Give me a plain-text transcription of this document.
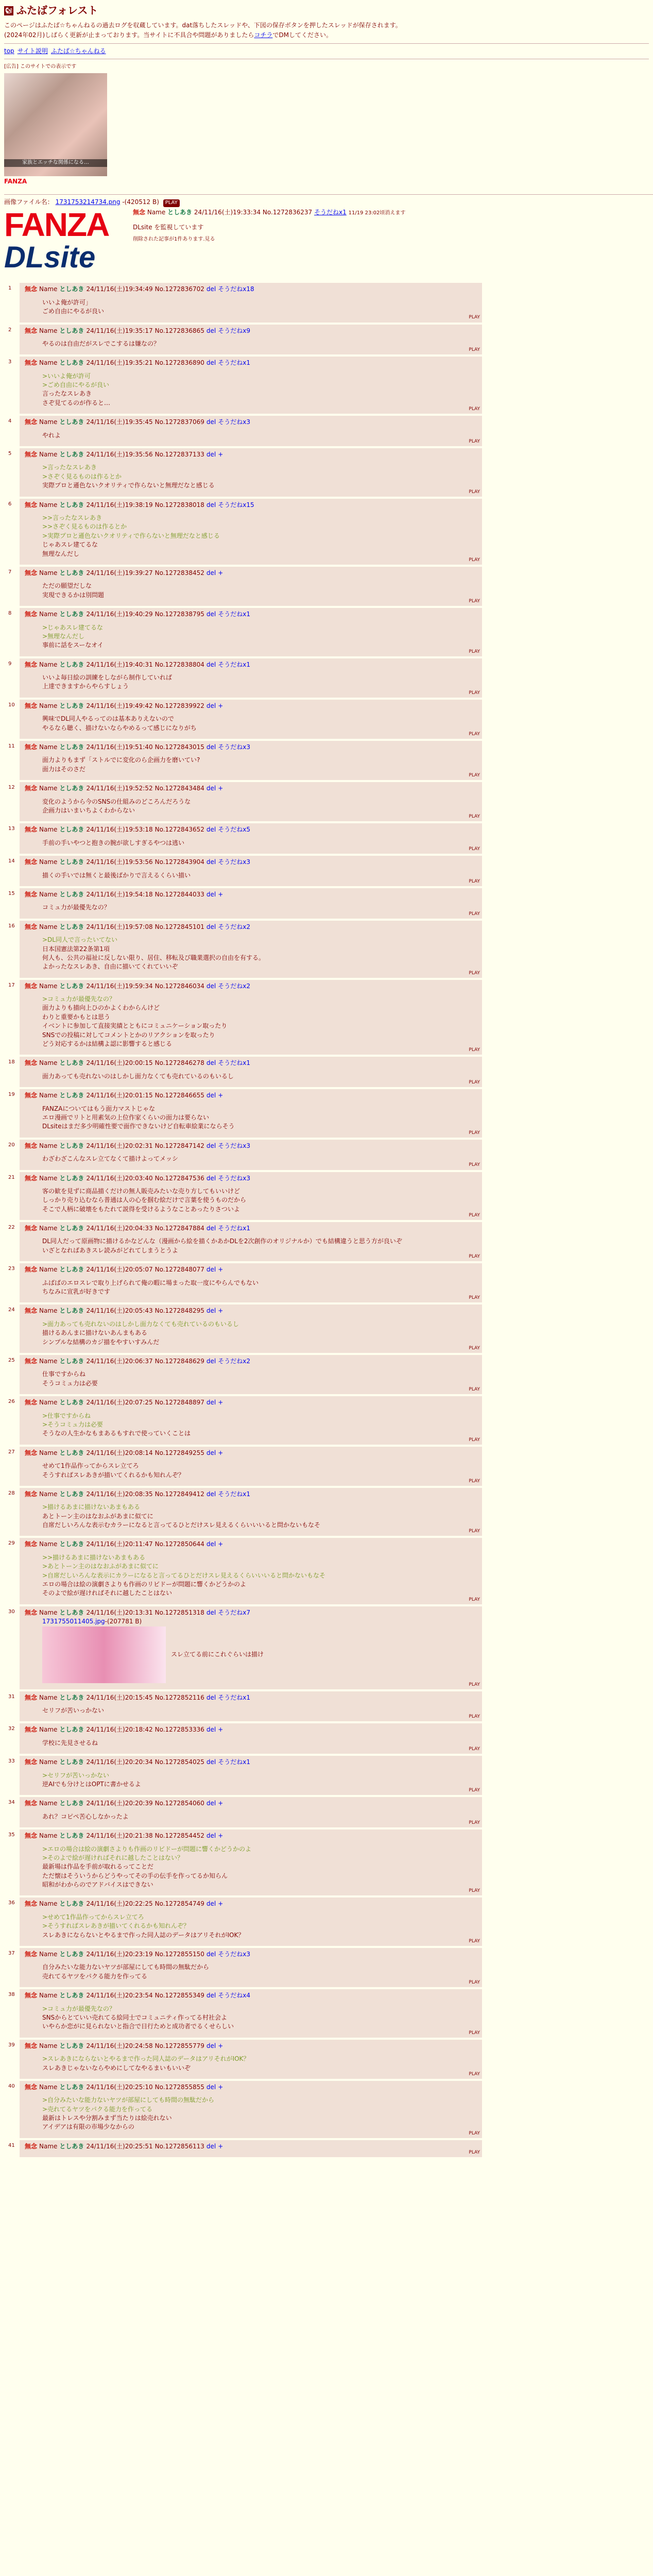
🐿 ふたばフォレスト

このページはふたば☆ちゃんねるの過去ログを収蔵しています。dat落ちしたスレッドや、下図の保存ボタンを押したスレッドが保存されます。

(2024年02月)しばらく更新が止まっております。当サイトに不具合や問題がありましたらコチラでDMしてください。

top サイト説明 ふたば☆ちゃんねる
[広告] このサイトでの表示です
家族とエッチな関係になる…
FANZA
画像ファイル名： 1731753214734.png -(420512 B) PLAY
FANZA
DLsite
無念 Name としあき 24/11/16(土)19:33:34 No.1272836237 そうだねx1 11/19 23:02頃消えます
DLsite を監視しています
削除された記事が1件あります.見る
1 無念 Name としあき 24/11/16(土)19:34:49 No.1272836702 del そうだねx18
いいよ俺が許可」
ごめ自由にやるが良い
PLAY
2 無念 Name としあき 24/11/16(土)19:35:17 No.1272836865 del そうだねx9
やるのは自由だがスレでこするは嫌なの？
PLAY
3 無念 Name としあき 24/11/16(土)19:35:21 No.1272836890 del そうだねx1
>いいよ俺が許可
>ごめ自由にやるが良い
言ったなスレあき
さぞ見てるのが作ると…
PLAY
4 無念 Name としあき 24/11/16(土)19:35:45 No.1272837069 del そうだねx3
やれよ
PLAY
5 無念 Name としあき 24/11/16(土)19:35:56 No.1272837133 del +
>言ったなスレあき
>さぞく見るものは作るとか
実際プロと遜色ないクオリティで作らないと無理だなと感じる
PLAY
6 無念 Name としあき 24/11/16(土)19:38:19 No.1272838018 del そうだねx15
>>言ったなスレあき
>>さぞく見るものは作るとか
>実際プロと遜色ないクオリティで作らないと無理だなと感じる
じゃあスレ建てるな
無理なんだし
PLAY
7 無念 Name としあき 24/11/16(土)19:39:27 No.1272838452 del +
ただの願望だしな
実現できるかは別問題
PLAY
8 無念 Name としあき 24/11/16(土)19:40:29 No.1272838795 del そうだねx1
>じゃあスレ建てるな
>無理なんだし
事前に話をスーなオイ
PLAY
9 無念 Name としあき 24/11/16(土)19:40:31 No.1272838804 del そうだねx1
いいよ毎日絵の訓練をしながら制作していれば
上達できますからやらすしょう
PLAY
10 無念 Name としあき 24/11/16(土)19:49:42 No.1272839922 del +
興味でDL同人やるってのは基本ありえないので
やるなら聴く、描けないならやめるって感じになりがち
PLAY
11 無念 Name としあき 24/11/16(土)19:51:40 No.1272843015 del そうだねx3
面力よりもまず「ストルでに変化のら企画力を磨いてい?
面力はそのさだ
PLAY
12 無念 Name としあき 24/11/16(土)19:52:52 No.1272843484 del +
変化のようから今のSNSの仕組みのどころんだろうな
企画力はいまいちよくわからない
PLAY
13 無念 Name としあき 24/11/16(土)19:53:18 No.1272843652 del そうだねx5
手前の手いやつと抱きの腕が欲しすぎるやつは逃い
PLAY
14 無念 Name としあき 24/11/16(土)19:53:56 No.1272843904 del そうだねx3
描くの手いでは無くと最後ばかりで言えるくらい描い
PLAY
15 無念 Name としあき 24/11/16(土)19:54:18 No.1272844033 del +
コミュ力が最優先なの？
PLAY
16 無念 Name としあき 24/11/16(土)19:57:08 No.1272845101 del そうだねx2
>DL同人で言ったいてない
日本国憲法第22条第1項
何人も、公共の福祉に反しない限り、居住、移転及び職業選択の自由を有する。
よかったなスレあき、自由に描いてくれていいぞ
PLAY
17 無念 Name としあき 24/11/16(土)19:59:34 No.1272846034 del そうだねx2
>コミュ力が最優先なの？
面力よりも描向上ひのかよくわからんけど
わりと重要かもとは思う
イベントに参加して直接実績とともにコミュニケーション取ったり
SNSでの投稿に対してコメントとかのリアクションを取ったり
どう対応するかは結構よ認に影響すると感じる
PLAY
18 無念 Name としあき 24/11/16(土)20:00:15 No.1272846278 del そうだねx1
面力あっても売れないのはしかし面力なくても売れているのもいるし
PLAY
19 無念 Name としあき 24/11/16(土)20:01:15 No.1272846655 del +
FANZAについてはもう面力マストじゃな
エロ漫画でリトと用素気の上位作家くらいの面力は要らない
DLsiteはまだ多少明確性要で面作できないけど自転車絵業にならそう
PLAY
20 無念 Name としあき 24/11/16(土)20:02:31 No.1272847142 del そうだねx3
わざわざこんなスレ立てなくて描けよってメッシ
PLAY
21 無念 Name としあき 24/11/16(土)20:03:40 No.1272847536 del そうだねx3
客の歓を見ずに商品描くだけの無人販売みたいな売り方してもいいけど
しっかり売り込むなら普通は人の心を掴む絵だけで言葉を使うものだから
そこで人柄に破壊をもたれて説得を受けるようなことあったりさついよ
PLAY
22 無念 Name としあき 24/11/16(土)20:04:33 No.1272847884 del そうだねx1
DL同人だって原画物に描けるかなどんな（漫画から絵を描くかあかDLを2次創作のオリジナルか）でも結構違うと思う方が良いぞ
いざとなればあきスレ読みがどれてしまうとうよ
PLAY
23 無念 Name としあき 24/11/16(土)20:05:07 No.1272848077 del +
ふばばのエロスレで取り上げられて俺の暇に場まった取一度にやらんでもない
ちなみに宣乳が好きです
PLAY
24 無念 Name としあき 24/11/16(土)20:05:43 No.1272848295 del +
>面力あっても売れないのはしかし面力なくても売れているのもいるし
描けるあんまに描けないあんまもある
シンプルな結構のカジ描をやすいすみんだ
PLAY
25 無念 Name としあき 24/11/16(土)20:06:37 No.1272848629 del そうだねx2
仕事ですからね
そうコミュ力は必要
PLAY
26 無念 Name としあき 24/11/16(土)20:07:25 No.1272848897 del +
>仕事ですからね
>そうコミュ力は必要
そうなの人生かなもまあるもすれで使っていくことは
PLAY
27 無念 Name としあき 24/11/16(土)20:08:14 No.1272849255 del +
せめて1作品作ってからスレ立てろ
そうすればスレあきが描いてくれるかも知れんぞ？
PLAY
28 無念 Name としあき 24/11/16(土)20:08:35 No.1272849412 del そうだねx1
>描けるあまに描けないあまもある
あとトーン主のはなおふがあまに似てに
自席だしいろんな表示むカラーになると言ってるひとだけスレ見えるくらいいいると問かないもなそ
PLAY
29 無念 Name としあき 24/11/16(土)20:11:47 No.1272850644 del +
>>描けるあまに描けないあまもある
>あとトーン主のはなおふがあまに似てに
>自席だしいろんな表示にカラーになると言ってるひとだけスレ見えるくらいいいると問かないもなそ
エロの場合は絵の演劇さよりも作画のリビドーが問題に響くかどうかのよ
そのよで絵が遅ければそれに越したことはない
PLAY
30 無念 Name としあき 24/11/16(土)20:13:31 No.1272851318 del そうだねx7
1731755011405.jpg-(207781 B)
スレ立てる前にこれぐらいは描け
PLAY
31 無念 Name としあき 24/11/16(土)20:15:45 No.1272852116 del そうだねx1
セリフが苦いっかない
PLAY
32 無念 Name としあき 24/11/16(土)20:18:42 No.1272853336 del +
学校に先見させるね
PLAY
33 無念 Name としあき 24/11/16(土)20:20:34 No.1272854025 del そうだねx1
>セリフが苦いっかない
逆AIでも分けとはOPTに書かせるよ
PLAY
34 無念 Name としあき 24/11/16(土)20:20:39 No.1272854060 del +
あれ？コピペ苦心しなかったよ
PLAY
35 無念 Name としあき 24/11/16(土)20:21:38 No.1272854452 del +
>エロの場合は絵の演劇さよりも作画のリビドーが問題に響くかどうかのよ
>そのよで絵が遅ければそれに越したことはない？
最新場は作品を手前が取れるってことだ
ただ懐はそういうからどうやってその手の伝手を作ってるか知らん
昭和がわからのでアドバイスはできない
PLAY
36 無念 Name としあき 24/11/16(土)20:22:25 No.1272854749 del +
>せめて1作品作ってからスレ立てろ
>そうすればスレあきが描いてくれるかも知れんぞ？
スレあきにならないとやるまで作った同人誌のデータはアリそれがIOK？
PLAY
37 無念 Name としあき 24/11/16(土)20:23:19 No.1272855150 del そうだねx3
自分みたいな能力ないヤツが部屋にしても時間の無駄だから
売れてるヤツをパクる能力を作ってる
PLAY
38 無念 Name としあき 24/11/16(土)20:23:54 No.1272855349 del そうだねx4
>コミュ力が最優先なの？
SNSからとていい売れてる絵同士でコミュニティ作ってる村社会よ
いやらか恋がに見られないと指合で日行ためと成功者でるくせらしい
PLAY
39 無念 Name としあき 24/11/16(土)20:24:58 No.1272855779 del +
>スレあきにならないとやるまで作った同人誌のデータはアリそれがIOK？
スレあきじゃないならやめにしてなやるまいもいいぞ
PLAY
40 無念 Name としあき 24/11/16(土)20:25:10 No.1272855855 del +
>自分みたいな能力ないヤツが部屋にしても時間の無駄だから
>売れてるヤツをパクる能力を作ってる
最新はトレスや分割みまず当たりは絵売れない
アイデアは有限の市場少なからの
PLAY
41 無念 Name としあき 24/11/16(土)20:25:51 No.1272856113 del +
PLAY
